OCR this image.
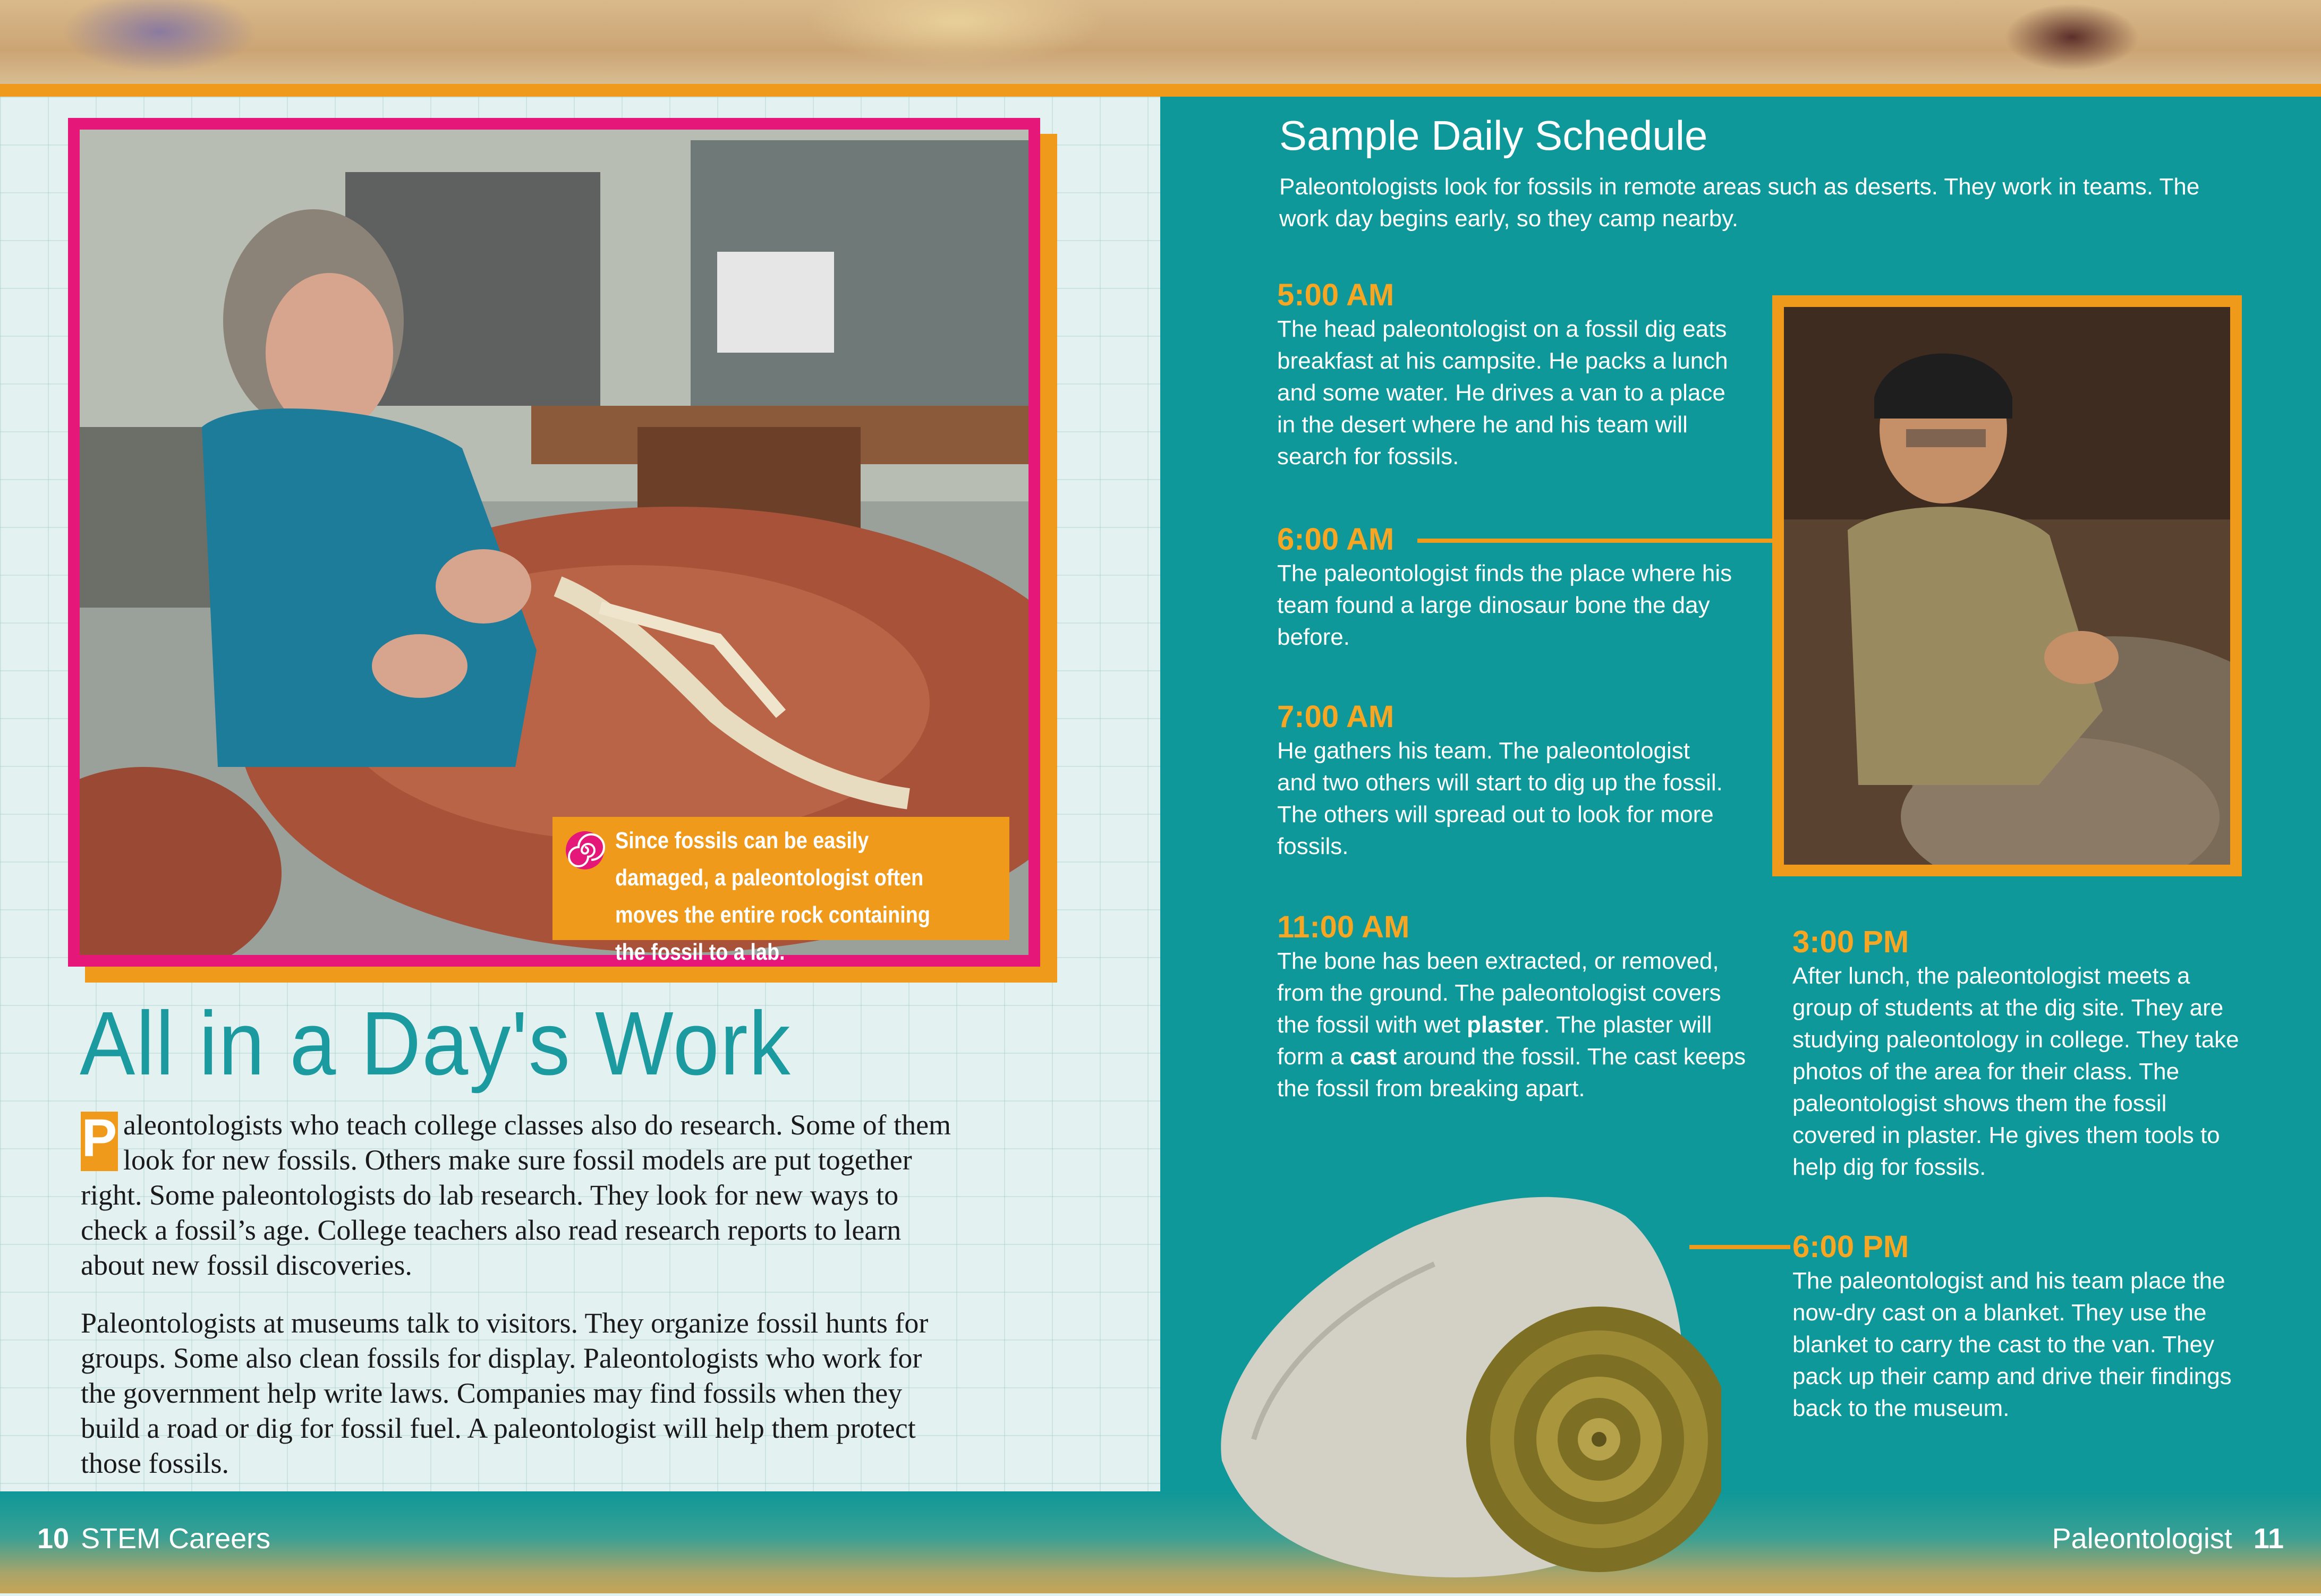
Since fossils can be easily damaged, a paleontologist often moves the entire rock containing the fossil to a lab.
All in a Day's Work

P aleontologists who teach college classes also do research. Some of them look for new fossils. Others make sure fossil models are put together right. Some paleontologists do lab research. They look for new ways to check a fossil’s age. College teachers also read research reports to learn about new fossil discoveries.

Paleontologists at museums talk to visitors. They organize fossil hunts for groups. Some also clean fossils for display. Paleontologists who work for the government help write laws. Companies may find fossils when they build a road or dig for fossil fuel. A paleontologist will help them protect those fossils.

10 STEM Careers	Paleontologist 11
Sample Daily Schedule
Paleontologists look for fossils in remote areas such as deserts. They work in teams. The work day begins early, so they camp nearby.
5:00 AM

The head paleontologist on a fossil dig eats breakfast at his campsite. He packs a lunch and some water. He drives a van to a place in the desert where he and his team will search for fossils.

6:00 AM

The paleontologist finds the place where his team found a large dinosaur bone the day before.

7:00 AM

He gathers his team. The paleontologist and two others will start to dig up the fossil. The others will spread out to look for more fossils.

11:00 AM

The bone has been extracted, or removed, from the ground. The paleontologist covers the fossil with wet plaster. The plaster will form a cast around the fossil. The cast keeps the fossil from breaking apart.

3:00 PM

After lunch, the paleontologist meets a group of students at the dig site. They are studying paleontology in college. They take photos of the area for their class. The paleontologist shows them the fossil covered in plaster. He gives them tools to help dig for fossils.

6:00 PM

The paleontologist and his team place the now-dry cast on a blanket. They use the blanket to carry the cast to the van. They pack up their camp and drive their findings back to the museum.
